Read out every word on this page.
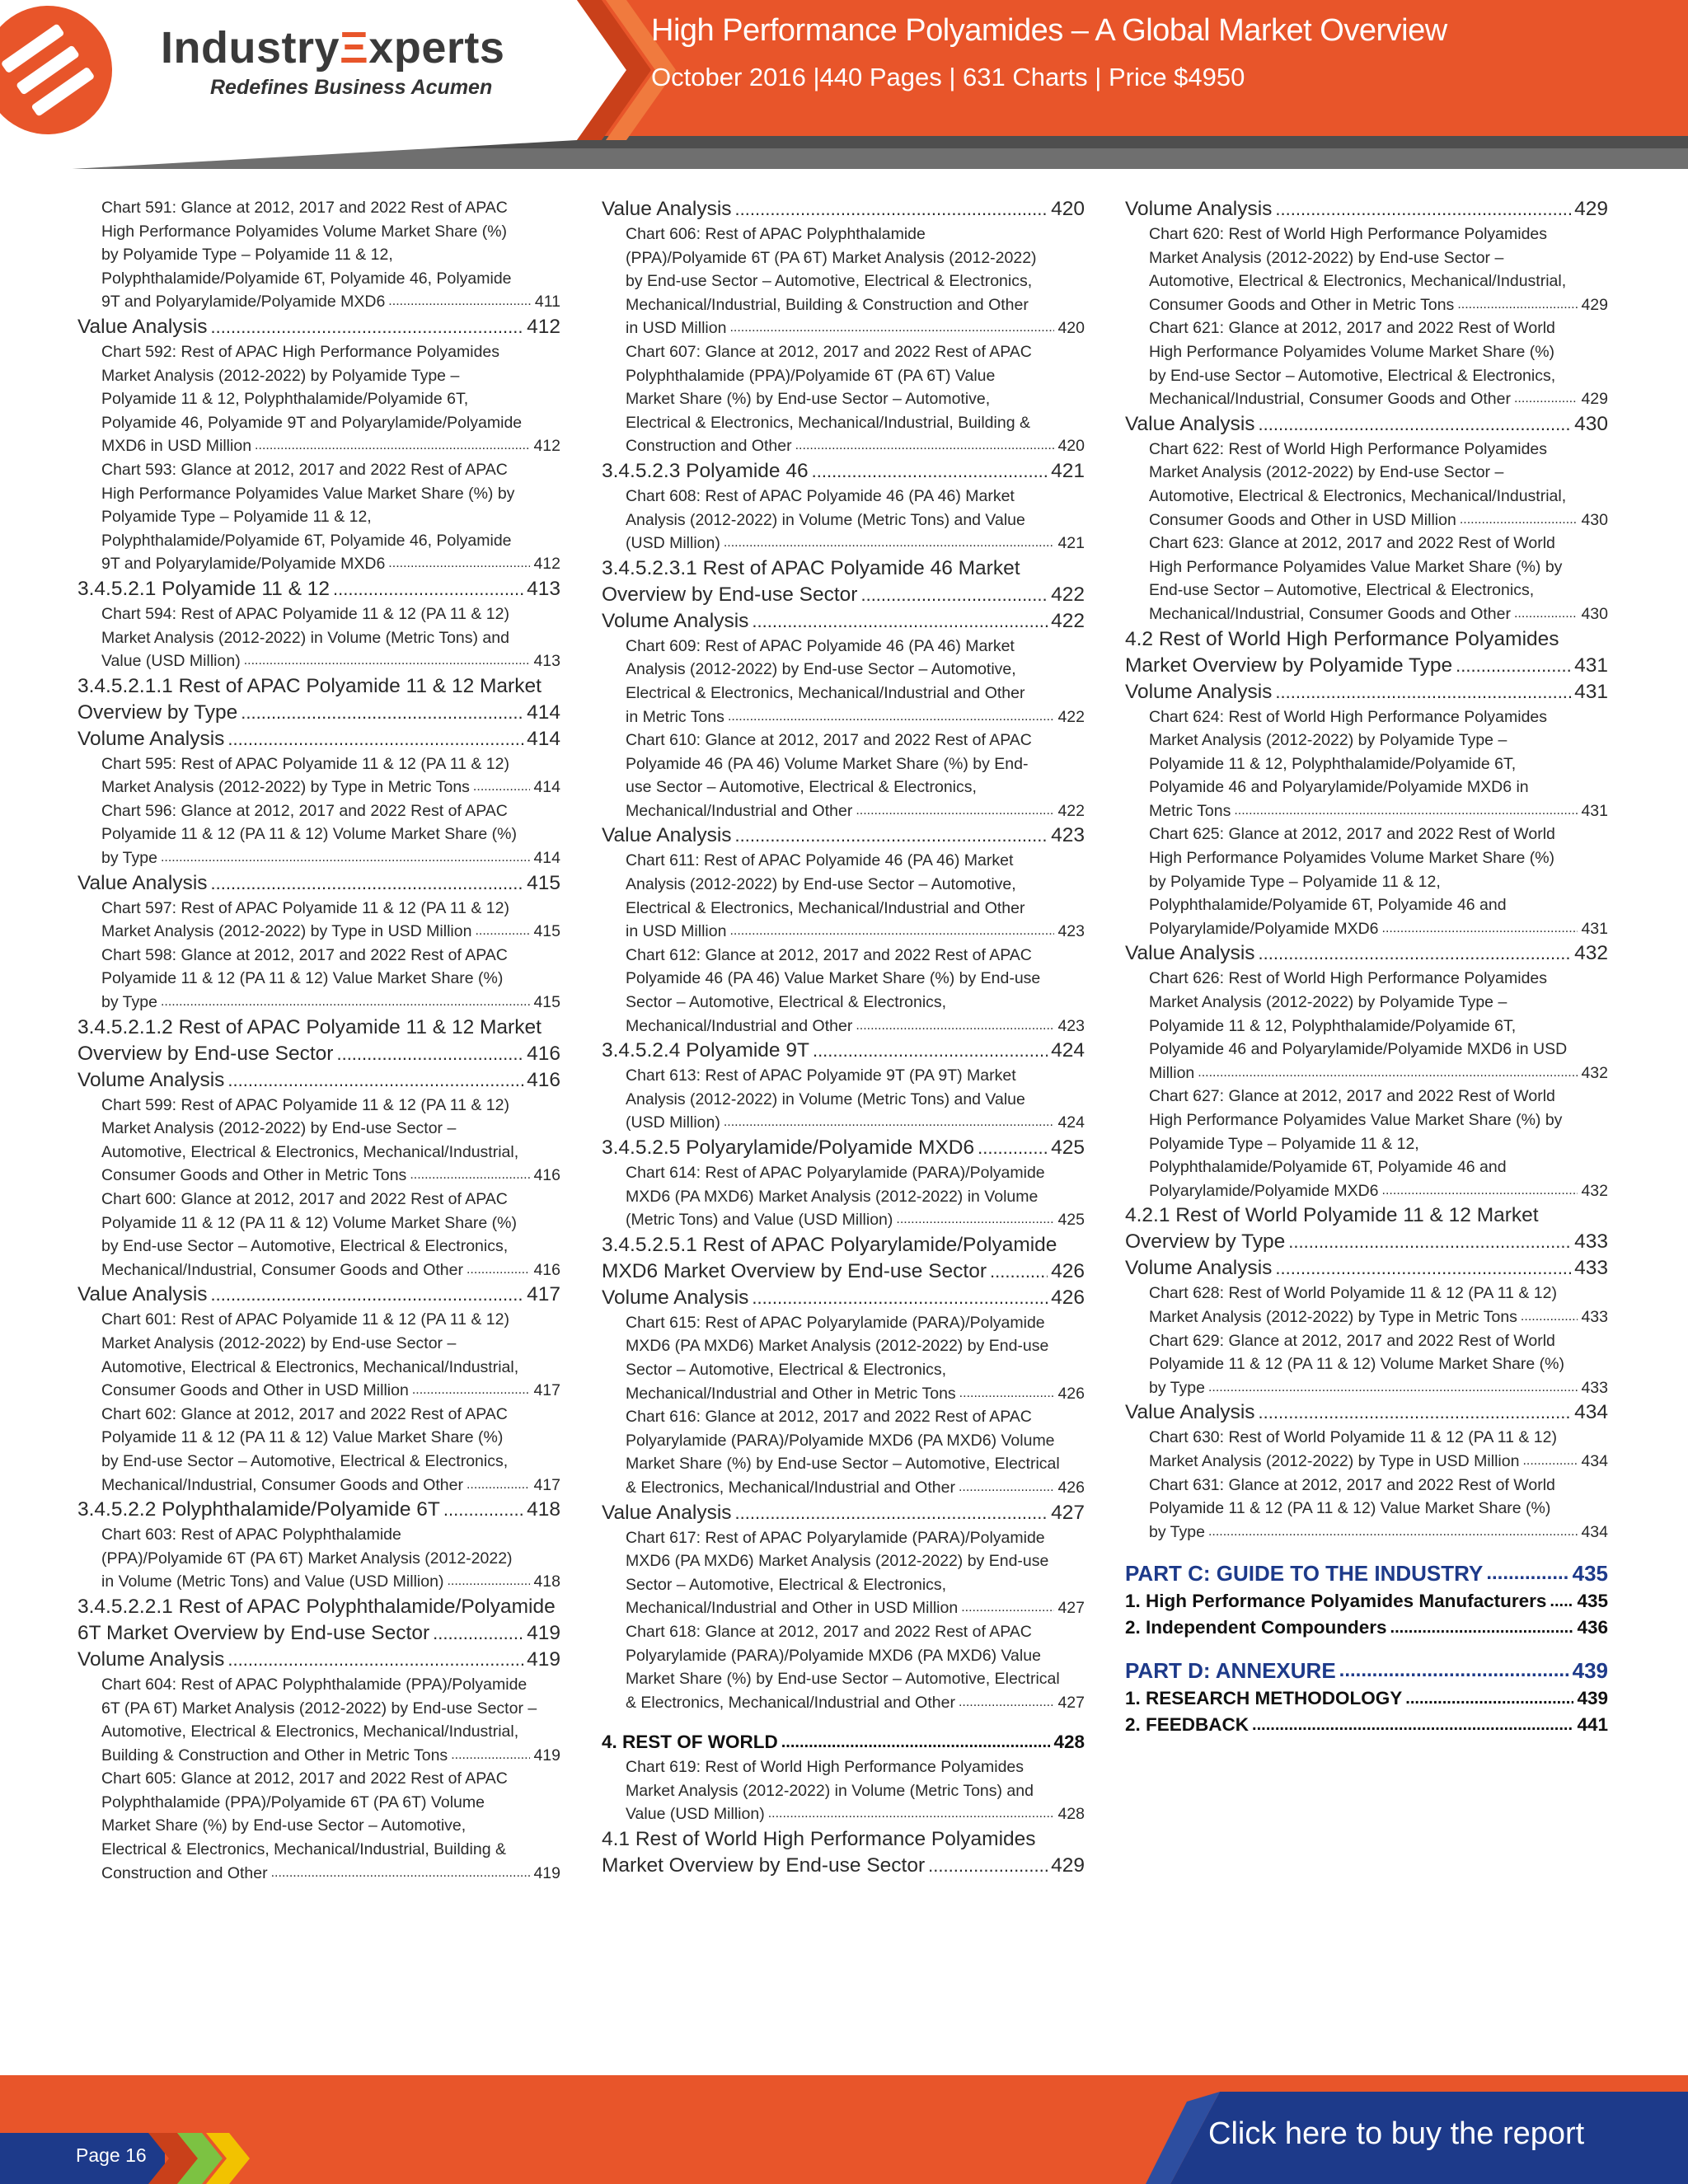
IndustryΞxperts
Redefines Business Acumen
High Performance Polyamides – A Global Market Overview
October 2016 |440 Pages | 631 Charts | Price $4950
Chart 591: Glance at 2012, 2017 and 2022 Rest of APAC
High Performance Polyamides Volume Market Share (%)
by Polyamide Type – Polyamide 11 & 12,
Polyphthalamide/Polyamide 6T, Polyamide 46, Polyamide
9T and Polyarylamide/Polyamide MXD6 .....	411
Value Analysis .....	412
Chart 592: Rest of APAC High Performance Polyamides
Market Analysis (2012-2022) by Polyamide Type –
Polyamide 11 & 12, Polyphthalamide/Polyamide 6T,
Polyamide 46, Polyamide 9T and Polyarylamide/Polyamide
MXD6 in USD Million .....	412
Chart 593: Glance at 2012, 2017 and 2022 Rest of APAC
High Performance Polyamides Value Market Share (%) by
Polyamide Type – Polyamide 11 & 12,
Polyphthalamide/Polyamide 6T, Polyamide 46, Polyamide
9T and Polyarylamide/Polyamide MXD6 .....	412
3.4.5.2.1 Polyamide 11 & 12 .....	413
Chart 594: Rest of APAC Polyamide 11 & 12 (PA 11 & 12)
Market Analysis (2012-2022) in Volume (Metric Tons) and
Value (USD Million) .....	413
3.4.5.2.1.1 Rest of APAC Polyamide 11 & 12 Market
Overview by Type .....	414
Volume Analysis .....	414
Chart 595: Rest of APAC Polyamide 11 & 12 (PA 11 & 12)
Market Analysis (2012-2022) by Type in Metric Tons .....	414
Chart 596: Glance at 2012, 2017 and 2022 Rest of APAC
Polyamide 11 & 12 (PA 11 & 12) Volume Market Share (%)
by Type .....	414
Value Analysis .....	415
Chart 597: Rest of APAC Polyamide 11 & 12 (PA 11 & 12)
Market Analysis (2012-2022) by Type in USD Million .....	415
Chart 598: Glance at 2012, 2017 and 2022 Rest of APAC
Polyamide 11 & 12 (PA 11 & 12) Value Market Share (%)
by Type .....	415
3.4.5.2.1.2 Rest of APAC Polyamide 11 & 12 Market
Overview by End-use Sector .....	416
Volume Analysis .....	416
Chart 599: Rest of APAC Polyamide 11 & 12 (PA 11 & 12)
Market Analysis (2012-2022) by End-use Sector –
Automotive, Electrical & Electronics, Mechanical/Industrial,
Consumer Goods and Other in Metric Tons .....	416
Chart 600: Glance at 2012, 2017 and 2022 Rest of APAC
Polyamide 11 & 12 (PA 11 & 12) Volume Market Share (%)
by End-use Sector – Automotive, Electrical & Electronics,
Mechanical/Industrial, Consumer Goods and Other .....	416
Value Analysis .....	417
Chart 601: Rest of APAC Polyamide 11 & 12 (PA 11 & 12)
Market Analysis (2012-2022) by End-use Sector –
Automotive, Electrical & Electronics, Mechanical/Industrial,
Consumer Goods and Other in USD Million .....	417
Chart 602: Glance at 2012, 2017 and 2022 Rest of APAC
Polyamide 11 & 12 (PA 11 & 12) Value Market Share (%)
by End-use Sector – Automotive, Electrical & Electronics,
Mechanical/Industrial, Consumer Goods and Other .....	417
3.4.5.2.2 Polyphthalamide/Polyamide 6T .....	418
Chart 603: Rest of APAC Polyphthalamide
(PPA)/Polyamide 6T (PA 6T) Market Analysis (2012-2022)
in Volume (Metric Tons) and Value (USD Million) .....	418
3.4.5.2.2.1 Rest of APAC Polyphthalamide/Polyamide
6T Market Overview by End-use Sector .....	419
Volume Analysis .....	419
Chart 604: Rest of APAC Polyphthalamide (PPA)/Polyamide
6T (PA 6T) Market Analysis (2012-2022) by End-use Sector –
Automotive, Electrical & Electronics, Mechanical/Industrial,
Building & Construction and Other in Metric Tons .....	419
Chart 605: Glance at 2012, 2017 and 2022 Rest of APAC
Polyphthalamide (PPA)/Polyamide 6T (PA 6T) Volume
Market Share (%) by End-use Sector – Automotive,
Electrical & Electronics, Mechanical/Industrial, Building &
Construction and Other .....	419
Value Analysis .....	420
Chart 606: Rest of APAC Polyphthalamide
(PPA)/Polyamide 6T (PA 6T) Market Analysis (2012-2022)
by End-use Sector – Automotive, Electrical & Electronics,
Mechanical/Industrial, Building & Construction and Other
in USD Million .....	420
Chart 607: Glance at 2012, 2017 and 2022 Rest of APAC
Polyphthalamide (PPA)/Polyamide 6T (PA 6T) Value
Market Share (%) by End-use Sector – Automotive,
Electrical & Electronics, Mechanical/Industrial, Building &
Construction and Other .....	420
3.4.5.2.3 Polyamide 46 .....	421
Chart 608: Rest of APAC Polyamide 46 (PA 46) Market
Analysis (2012-2022) in Volume (Metric Tons) and Value
(USD Million) .....	421
3.4.5.2.3.1 Rest of APAC Polyamide 46 Market
Overview by End-use Sector .....	422
Volume Analysis .....	422
Chart 609: Rest of APAC Polyamide 46 (PA 46) Market
Analysis (2012-2022) by End-use Sector – Automotive,
Electrical & Electronics, Mechanical/Industrial and Other
in Metric Tons .....	422
Chart 610: Glance at 2012, 2017 and 2022 Rest of APAC
Polyamide 46 (PA 46) Volume Market Share (%) by End-
use Sector – Automotive, Electrical & Electronics,
Mechanical/Industrial and Other .....	422
Value Analysis .....	423
Chart 611: Rest of APAC Polyamide 46 (PA 46) Market
Analysis (2012-2022) by End-use Sector – Automotive,
Electrical & Electronics, Mechanical/Industrial and Other
in USD Million .....	423
Chart 612: Glance at 2012, 2017 and 2022 Rest of APAC
Polyamide 46 (PA 46) Value Market Share (%) by End-use
Sector – Automotive, Electrical & Electronics,
Mechanical/Industrial and Other .....	423
3.4.5.2.4 Polyamide 9T .....	424
Chart 613: Rest of APAC Polyamide 9T (PA 9T) Market
Analysis (2012-2022) in Volume (Metric Tons) and Value
(USD Million) .....	424
3.4.5.2.5 Polyarylamide/Polyamide MXD6 .....	425
Chart 614: Rest of APAC Polyarylamide (PARA)/Polyamide
MXD6 (PA MXD6) Market Analysis (2012-2022) in Volume
(Metric Tons) and Value (USD Million) .....	425
3.4.5.2.5.1 Rest of APAC Polyarylamide/Polyamide
MXD6 Market Overview by End-use Sector .....	426
Volume Analysis .....	426
Chart 615: Rest of APAC Polyarylamide (PARA)/Polyamide
MXD6 (PA MXD6) Market Analysis (2012-2022) by End-use
Sector – Automotive, Electrical & Electronics,
Mechanical/Industrial and Other in Metric Tons .....	426
Chart 616: Glance at 2012, 2017 and 2022 Rest of APAC
Polyarylamide (PARA)/Polyamide MXD6 (PA MXD6) Volume
Market Share (%) by End-use Sector – Automotive, Electrical
& Electronics, Mechanical/Industrial and Other .....	426
Value Analysis .....	427
Chart 617: Rest of APAC Polyarylamide (PARA)/Polyamide
MXD6 (PA MXD6) Market Analysis (2012-2022) by End-use
Sector – Automotive, Electrical & Electronics,
Mechanical/Industrial and Other in USD Million .....	427
Chart 618: Glance at 2012, 2017 and 2022 Rest of APAC
Polyarylamide (PARA)/Polyamide MXD6 (PA MXD6) Value
Market Share (%) by End-use Sector – Automotive, Electrical
& Electronics, Mechanical/Industrial and Other .....	427
4. REST OF WORLD .....	428
Chart 619: Rest of World High Performance Polyamides
Market Analysis (2012-2022) in Volume (Metric Tons) and
Value (USD Million) .....	428
4.1 Rest of World High Performance Polyamides
Market Overview by End-use Sector .....	429
Volume Analysis .....	429
Chart 620: Rest of World High Performance Polyamides
Market Analysis (2012-2022) by End-use Sector –
Automotive, Electrical & Electronics, Mechanical/Industrial,
Consumer Goods and Other in Metric Tons .....	429
Chart 621: Glance at 2012, 2017 and 2022 Rest of World
High Performance Polyamides Volume Market Share (%)
by End-use Sector – Automotive, Electrical & Electronics,
Mechanical/Industrial, Consumer Goods and Other .....	429
Value Analysis .....	430
Chart 622: Rest of World High Performance Polyamides
Market Analysis (2012-2022) by End-use Sector –
Automotive, Electrical & Electronics, Mechanical/Industrial,
Consumer Goods and Other in USD Million .....	430
Chart 623: Glance at 2012, 2017 and 2022 Rest of World
High Performance Polyamides Value Market Share (%) by
End-use Sector – Automotive, Electrical & Electronics,
Mechanical/Industrial, Consumer Goods and Other .....	430
4.2 Rest of World High Performance Polyamides
Market Overview by Polyamide Type .....	431
Volume Analysis .....	431
Chart 624: Rest of World High Performance Polyamides
Market Analysis (2012-2022) by Polyamide Type –
Polyamide 11 & 12, Polyphthalamide/Polyamide 6T,
Polyamide 46 and Polyarylamide/Polyamide MXD6 in
Metric Tons .....	431
Chart 625: Glance at 2012, 2017 and 2022 Rest of World
High Performance Polyamides Volume Market Share (%)
by Polyamide Type – Polyamide 11 & 12,
Polyphthalamide/Polyamide 6T, Polyamide 46 and
Polyarylamide/Polyamide MXD6 .....	431
Value Analysis .....	432
Chart 626: Rest of World High Performance Polyamides
Market Analysis (2012-2022) by Polyamide Type –
Polyamide 11 & 12, Polyphthalamide/Polyamide 6T,
Polyamide 46 and Polyarylamide/Polyamide MXD6 in USD
Million .....	432
Chart 627: Glance at 2012, 2017 and 2022 Rest of World
High Performance Polyamides Value Market Share (%) by
Polyamide Type – Polyamide 11 & 12,
Polyphthalamide/Polyamide 6T, Polyamide 46 and
Polyarylamide/Polyamide MXD6 .....	432
4.2.1 Rest of World Polyamide 11 & 12 Market
Overview by Type .....	433
Volume Analysis .....	433
Chart 628: Rest of World Polyamide 11 & 12 (PA 11 & 12)
Market Analysis (2012-2022) by Type in Metric Tons .....	433
Chart 629: Glance at 2012, 2017 and 2022 Rest of World
Polyamide 11 & 12 (PA 11 & 12) Volume Market Share (%)
by Type .....	433
Value Analysis .....	434
Chart 630: Rest of World Polyamide 11 & 12 (PA 11 & 12)
Market Analysis (2012-2022) by Type in USD Million .....	434
Chart 631: Glance at 2012, 2017 and 2022 Rest of World
Polyamide 11 & 12 (PA 11 & 12) Value Market Share (%)
by Type .....	434
PART C: GUIDE TO THE INDUSTRY .....	435
1. High Performance Polyamides Manufacturers ..... 435
2. Independent Compounders .....	436
PART D: ANNEXURE .....	439
1. RESEARCH METHODOLOGY .....	439
2. FEEDBACK .....	441
Page 16
Click here to buy the report
